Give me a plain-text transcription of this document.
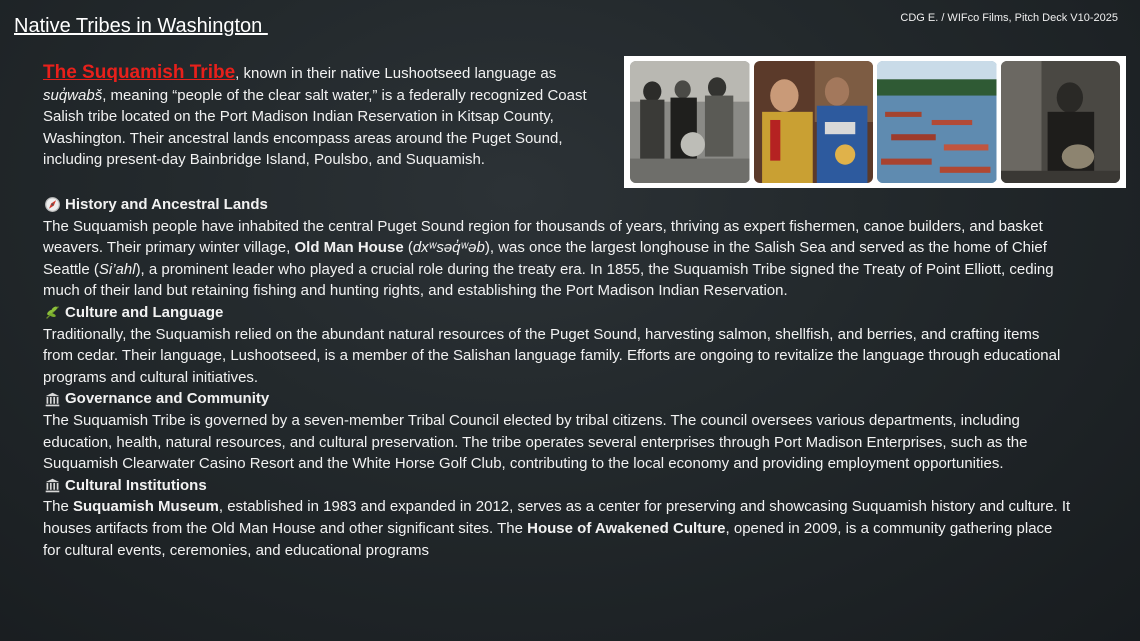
Native Tribes in Washington	CDG E. / WIFco Films, Pitch Deck V10-2025

The Suquamish Tribe, known in their native Lushootseed language as suq̓wabš, meaning “people of the clear salt water,” is a federally recognized Coast Salish tribe located on the Port Madison Indian Reservation in Kitsap County, Washington. Their ancestral lands encompass areas around the Puget Sound, including present-day Bainbridge Island, Poulsbo, and Suquamish.

History and Ancestral Lands

The Suquamish people have inhabited the central Puget Sound region for thousands of years, thriving as expert fishermen, canoe builders, and basket
weavers. Their primary winter village, Old Man House (dxʷsəq̓ʷəb), was once the largest longhouse in the Salish Sea and served as the home of Chief
Seattle (Si’ahl), a prominent leader who played a crucial role during the treaty era. In 1855, the Suquamish Tribe signed the Treaty of Point Elliott, ceding
much of their land but retaining fishing and hunting rights, and establishing the Port Madison Indian Reservation.

Culture and Language

Traditionally, the Suquamish relied on the abundant natural resources of the Puget Sound, harvesting salmon, shellfish, and berries, and crafting items
from cedar. Their language, Lushootseed, is a member of the Salishan language family. Efforts are ongoing to revitalize the language through educational
programs and cultural initiatives.

Governance and Community

The Suquamish Tribe is governed by a seven-member Tribal Council elected by tribal citizens. The council oversees various departments, including
education, health, natural resources, and cultural preservation. The tribe operates several enterprises through Port Madison Enterprises, such as the
Suquamish Clearwater Casino Resort and the White Horse Golf Club, contributing to the local economy and providing employment opportunities.

Cultural Institutions

The Suquamish Museum, established in 1983 and expanded in 2012, serves as a center for preserving and showcasing Suquamish history and culture. It
houses artifacts from the Old Man House and other significant sites. The House of Awakened Culture, opened in 2009, is a community gathering place
for cultural events, ceremonies, and educational programs
